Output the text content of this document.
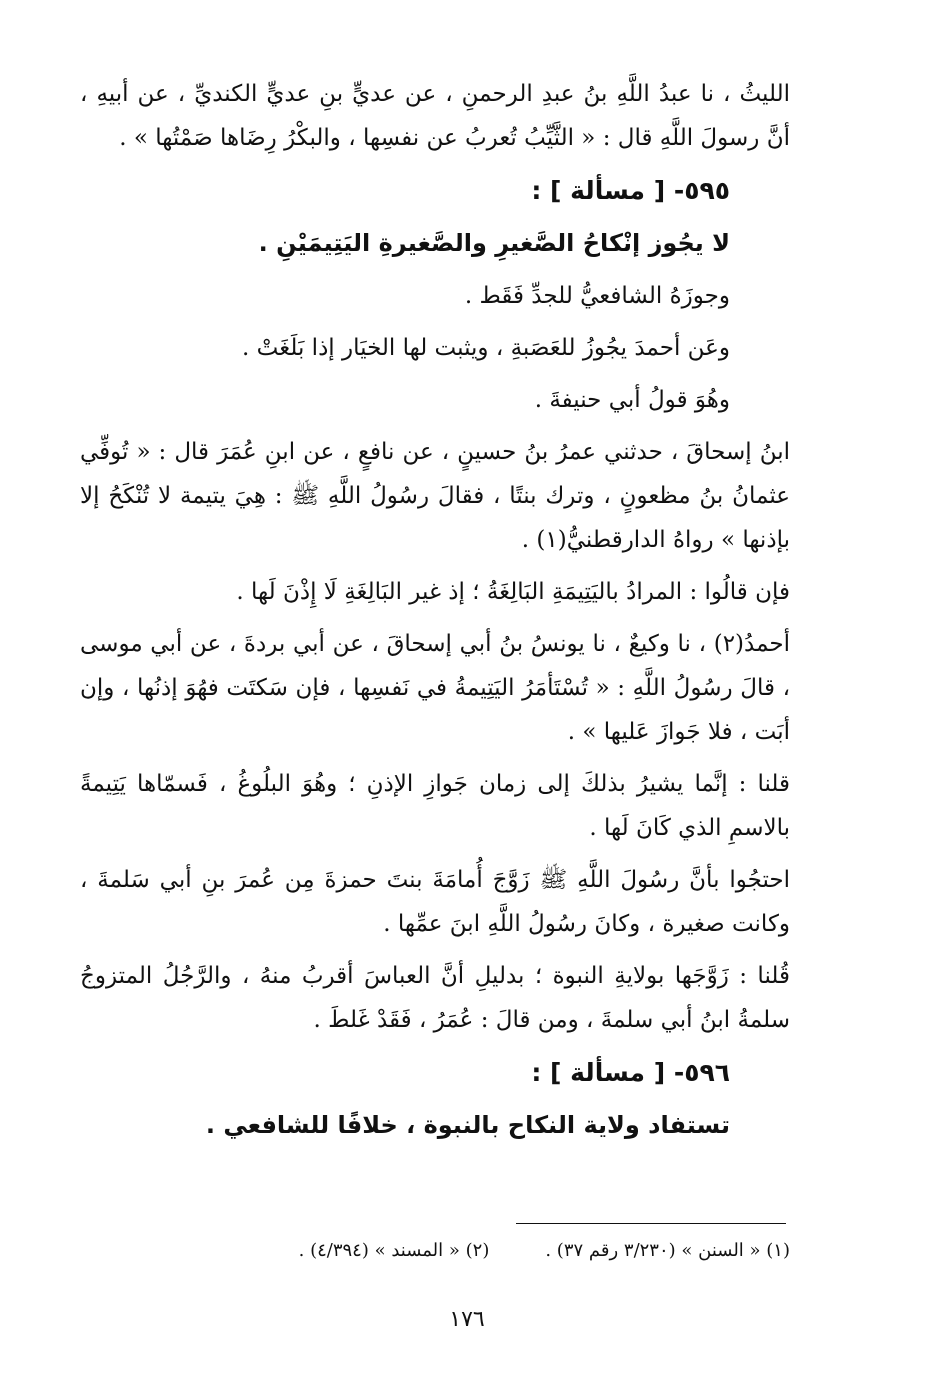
الليثُ ، نا عبدُ اللَّهِ بنُ عبدِ الرحمنِ ، عن عديٍّ بنِ عديٍّ الكنديِّ ، عن أبيهِ ، أنَّ رسولَ اللَّهِ قال : « الثَّيِّبُ تُعربُ عن نفسِها ، والبكْرُ رِضَاها صَمْتُها » .

٥٩٥- [ مسألة ] :
لا يجُوز إنْكاحُ الصَّغيرِ والصَّغيرةِ اليَتِيمَيْنِ .

وجوزَهُ الشافعيُّ للجدِّ فَقَط .

وعَن أحمدَ يجُوزُ للعَصَبةِ ، ويثبت لها الخيَار إذا بَلَغَتْ .

وهُوَ قولُ أبي حنيفةَ .

ابنُ إسحاقَ ، حدثني عمرُ بنُ حسينٍ ، عن نافعٍ ، عن ابنِ عُمَرَ قال : « تُوفِّي عثمانُ بنُ مظعونٍ ، وترك بنتًا ، فقالَ رسُولُ اللَّهِ ﷺ : هِيَ يتيمة لا تُنْكَحُ إلا بإذنها » رواهُ الدارقطنيُّ(١) .

فإن قالُوا : المرادُ باليَتِيمَةِ البَالِغَةُ ؛ إذ غير البَالِغَةِ لَا إِذْنَ لَها .

أحمدُ(٢) ، نا وكيعٌ ، نا يونسُ بنُ أبي إسحاقَ ، عن أبي بردةَ ، عن أبي موسى ، قالَ رسُولُ اللَّهِ : « تُسْتَأمَرُ اليَتِيمةُ في نَفسِها ، فإن سَكتَت فهُوَ إذنُها ، وإن أبَت ، فلا جَوازَ عَليها » .

قلنا : إنَّما يشيرُ بذلكَ إلى زمان جَوازِ الإذنِ ؛ وهُوَ البلُوغُ ، فَسمّاها يَتِيمةً بالاسمِ الذي كَانَ لَها .

احتجُوا بأنَّ رسُولَ اللَّهِ ﷺ زَوَّجَ أُمامَةَ بنتَ حمزةَ مِن عُمرَ بنِ أبي سَلمةَ ، وكانت صغيرة ، وكانَ رسُولُ اللَّهِ ابنَ عمِّها .

قُلنا : زَوَّجَها بولايةِ النبوة ؛ بدليلِ أنَّ العباسَ أقربُ منهُ ، والرَّجُلُ المتزوجُ سلمةُ ابنُ أبي سلمةَ ، ومن قالَ : عُمَرُ ، فَقَدْ غَلطَ .

٥٩٦- [ مسألة ] :
تستفاد ولاية النكاح بالنبوة ، خلافًا للشافعي .
(١) « السنن » (٣/٢٣٠ رقم ٣٧) .
(٢) « المسند » (٤/٣٩٤) .
١٧٦
